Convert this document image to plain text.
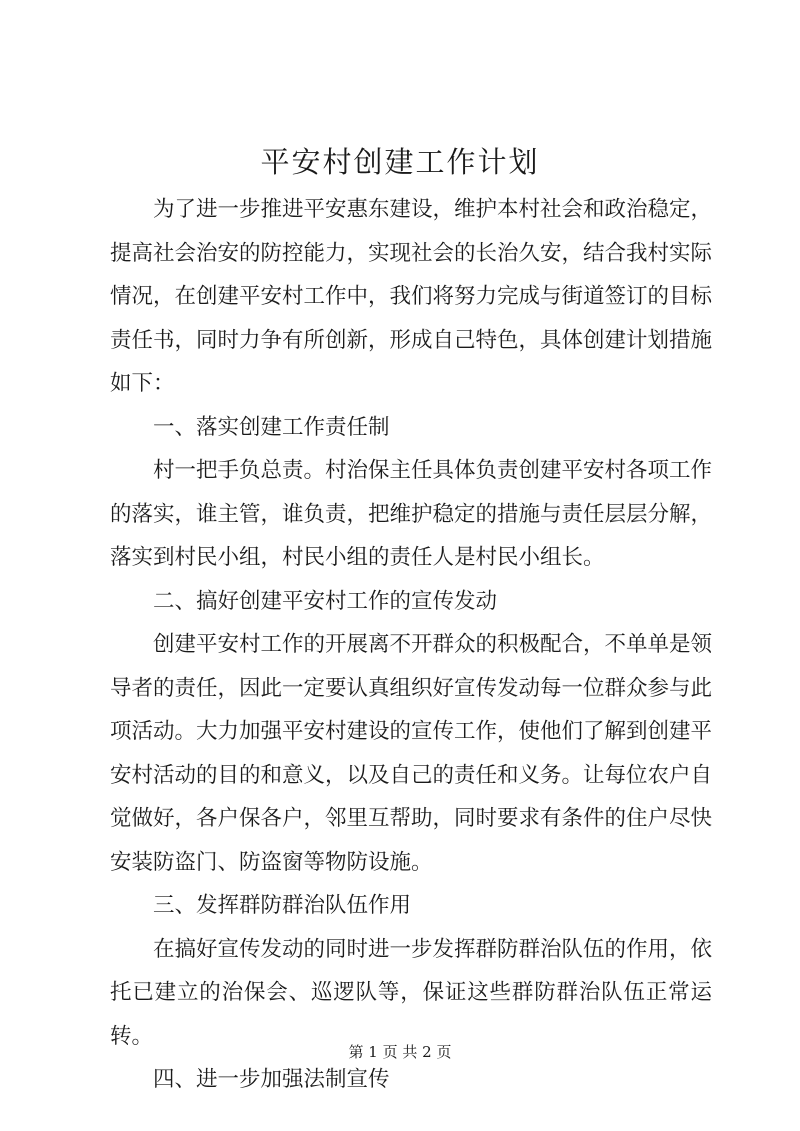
平安村创建工作计划

为了进一步推进平安惠东建设，维护本村社会和政治稳定，提高社会治安的防控能力，实现社会的长治久安，结合我村实际情况，在创建平安村工作中，我们将努力完成与街道签订的目标责任书，同时力争有所创新，形成自己特色，具体创建计划措施如下：

一、落实创建工作责任制

村一把手负总责。村治保主任具体负责创建平安村各项工作的落实，谁主管，谁负责，把维护稳定的措施与责任层层分解，落实到村民小组，村民小组的责任人是村民小组长。

二、搞好创建平安村工作的宣传发动

创建平安村工作的开展离不开群众的积极配合，不单单是领导者的责任，因此一定要认真组织好宣传发动每一位群众参与此项活动。大力加强平安村建设的宣传工作，使他们了解到创建平安村活动的目的和意义，以及自己的责任和义务。让每位农户自觉做好，各户保各户，邻里互帮助，同时要求有条件的住户尽快安装防盗门、防盗窗等物防设施。

三、发挥群防群治队伍作用

在搞好宣传发动的同时进一步发挥群防群治队伍的作用，依托已建立的治保会、巡逻队等，保证这些群防群治队伍正常运转。

四、进一步加强法制宣传

第 1 页 共 2 页
